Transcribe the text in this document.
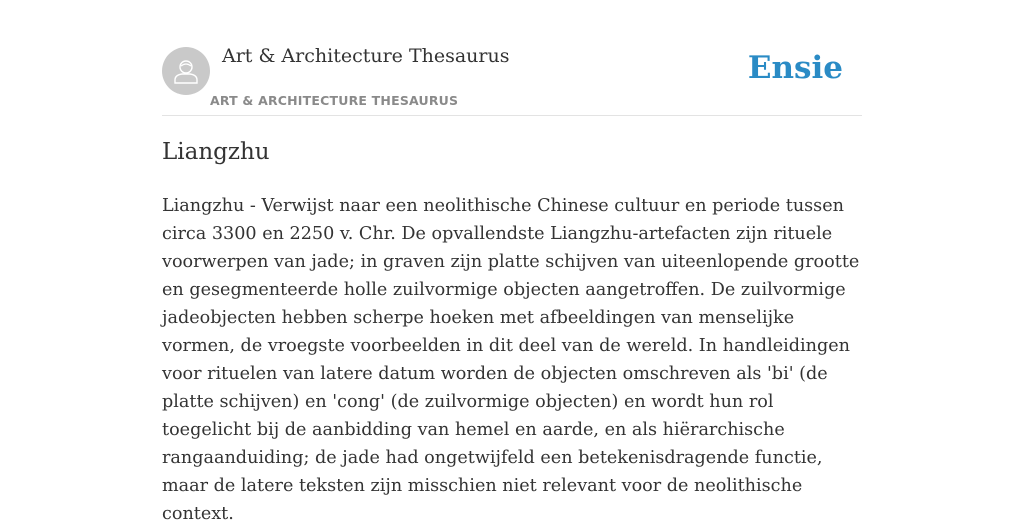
Art & Architecture Thesaurus
ART & ARCHITECTURE THESAURUS
Ensie
Liangzhu

Liangzhu - Verwijst naar een neolithische Chinese cultuur en periode tussen circa 3300 en 2250 v. Chr. De opvallendste Liangzhu-artefacten zijn rituele voorwerpen van jade; in graven zijn platte schijven van uiteenlopende grootte en gesegmenteerde holle zuilvormige objecten aangetroffen. De zuilvormige jadeobjecten hebben scherpe hoeken met afbeeldingen van menselijke vormen, de vroegste voorbeelden in dit deel van de wereld. In handleidingen voor rituelen van latere datum worden de objecten omschreven als 'bi' (de platte schijven) en 'cong' (de zuilvormige objecten) en wordt hun rol toegelicht bij de aanbidding van hemel en aarde, en als hiërarchische rangaanduiding; de jade had ongetwijfeld een betekenisdragende functie, maar de latere teksten zijn misschien niet relevant voor de neolithische context.
